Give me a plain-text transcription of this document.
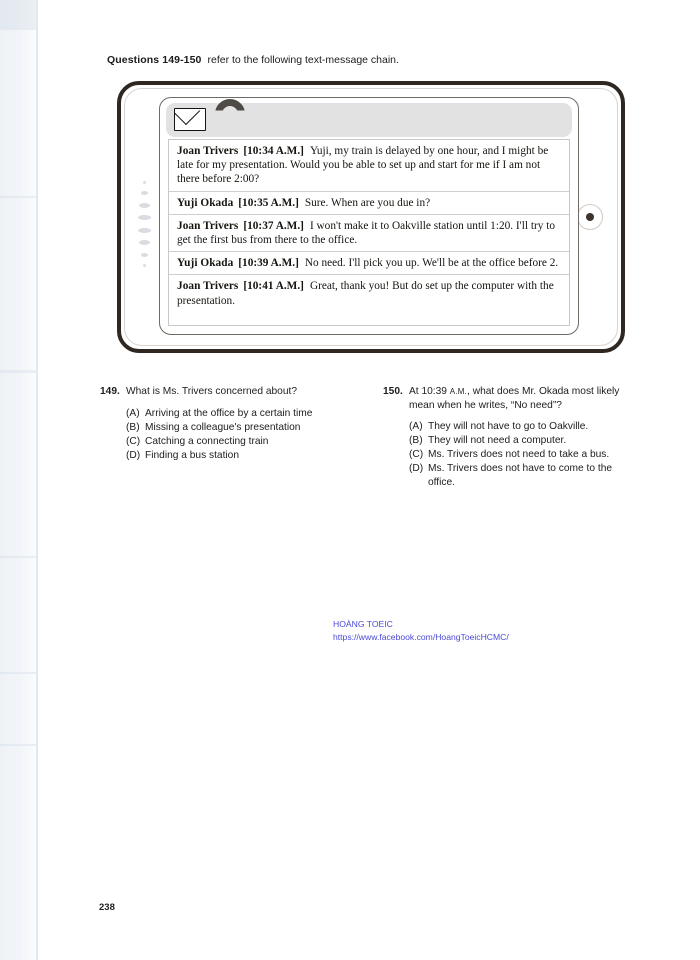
Questions 149-150 refer to the following text-message chain.
Joan Trivers [10:34 A.M.] Yuji, my train is delayed by one hour, and I might be late for my presentation. Would you be able to set up and start for me if I am not there before 2:00?
Yuji Okada [10:35 A.M.] Sure. When are you due in?
Joan Trivers [10:37 A.M.] I won't make it to Oakville station until 1:20. I'll try to get the first bus from there to the office.
Yuji Okada [10:39 A.M.] No need. I'll pick you up. We'll be at the office before 2.
Joan Trivers [10:41 A.M.] Great, thank you! But do set up the computer with the presentation.
149. What is Ms. Trivers concerned about?
(A) Arriving at the office by a certain time
(B) Missing a colleague's presentation
(C) Catching a connecting train
(D) Finding a bus station
150. At 10:39 A.M., what does Mr. Okada most likely mean when he writes, “No need”?
(A) They will not have to go to Oakville.
(B) They will not need a computer.
(C) Ms. Trivers does not need to take a bus.
(D) Ms. Trivers does not have to come to the office.
HOÀNG TOEIC
https://www.facebook.com/HoangToeicHCMC/
238
